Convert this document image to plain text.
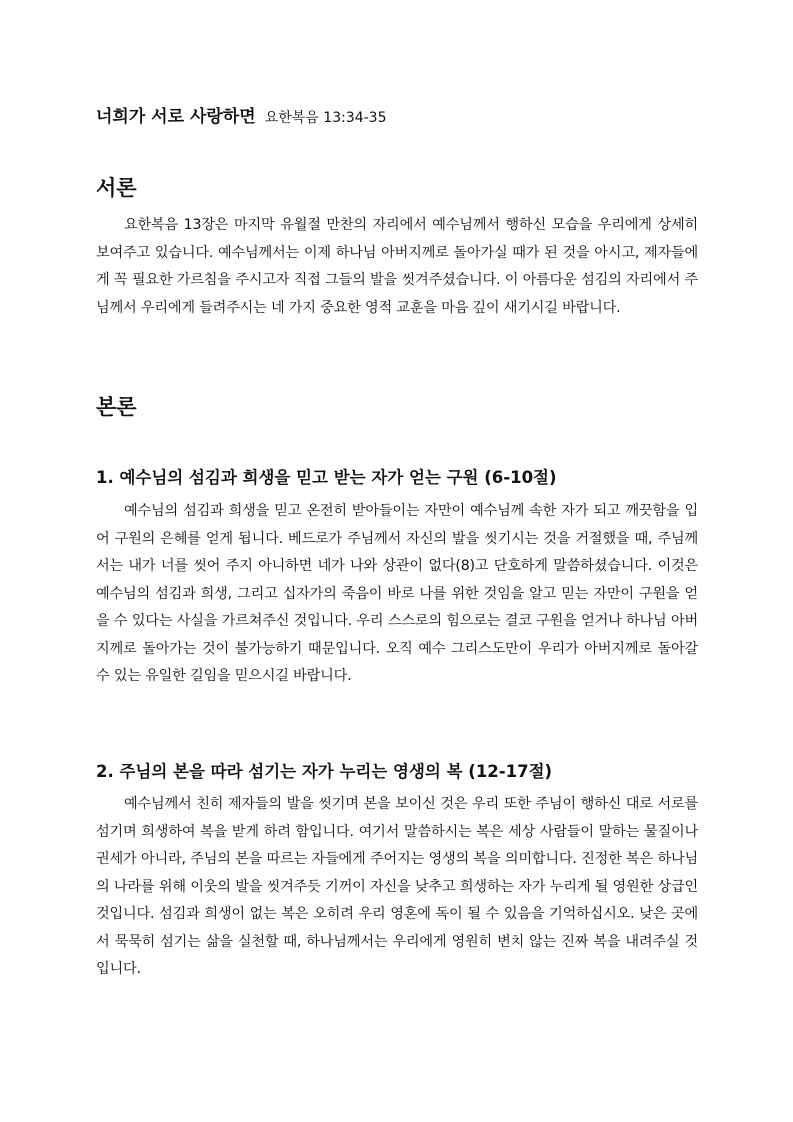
너희가 서로 사랑하면 요한복음 13:34-35
서론

요한복음 13장은 마지막 유월절 만찬의 자리에서 예수님께서 행하신 모습을 우리에게 상세히 보여주고 있습니다. 예수님께서는 이제 하나님 아버지께로 돌아가실 때가 된 것을 아시고, 제자들에게 꼭 필요한 가르침을 주시고자 직접 그들의 발을 씻겨주셨습니다. 이 아름다운 섬김의 자리에서 주님께서 우리에게 들려주시는 네 가지 중요한 영적 교훈을 마음 깊이 새기시길 바랍니다.

본론
1. 예수님의 섬김과 희생을 믿고 받는 자가 얻는 구원 (6-10절)

예수님의 섬김과 희생을 믿고 온전히 받아들이는 자만이 예수님께 속한 자가 되고 깨끗함을 입어 구원의 은혜를 얻게 됩니다. 베드로가 주님께서 자신의 발을 씻기시는 것을 거절했을 때, 주님께서는 내가 너를 씻어 주지 아니하면 네가 나와 상관이 없다(8)고 단호하게 말씀하셨습니다. 이것은 예수님의 섬김과 희생, 그리고 십자가의 죽음이 바로 나를 위한 것임을 알고 믿는 자만이 구원을 얻을 수 있다는 사실을 가르쳐주신 것입니다. 우리 스스로의 힘으로는 결코 구원을 얻거나 하나님 아버지께로 돌아가는 것이 불가능하기 때문입니다. 오직 예수 그리스도만이 우리가 아버지께로 돌아갈 수 있는 유일한 길임을 믿으시길 바랍니다.

2. 주님의 본을 따라 섬기는 자가 누리는 영생의 복 (12-17절)

예수님께서 친히 제자들의 발을 씻기며 본을 보이신 것은 우리 또한 주님이 행하신 대로 서로를 섬기며 희생하여 복을 받게 하려 함입니다. 여기서 말씀하시는 복은 세상 사람들이 말하는 물질이나 권세가 아니라, 주님의 본을 따르는 자들에게 주어지는 영생의 복을 의미합니다. 진정한 복은 하나님의 나라를 위해 이웃의 발을 씻겨주듯 기꺼이 자신을 낮추고 희생하는 자가 누리게 될 영원한 상급인 것입니다. 섬김과 희생이 없는 복은 오히려 우리 영혼에 독이 될 수 있음을 기억하십시오. 낮은 곳에서 묵묵히 섬기는 삶을 실천할 때, 하나님께서는 우리에게 영원히 변치 않는 진짜 복을 내려주실 것입니다.
